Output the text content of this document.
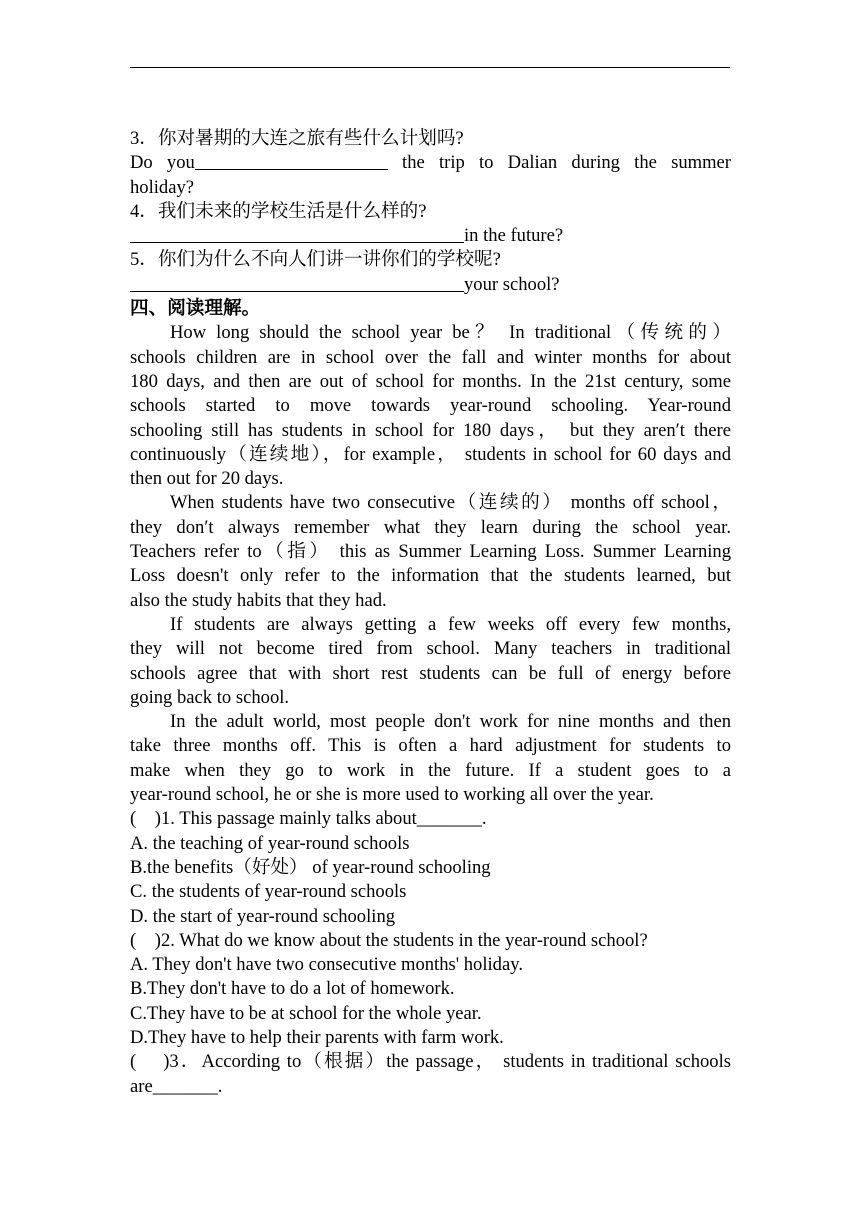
3．你对暑期的大连之旅有些什么计划吗?
Do you	the trip to Dalian during the summer
holiday?
4．我们未来的学校生活是什么样的?
in the future?
5．你们为什么不向人们讲一讲你们的学校呢?
your school?
四、阅读理解。
How long should the school year be？ In traditional（传统的）
schools children are in school over the fall and winter months for about
180 days, and then are out of school for months. In the 21st century, some
schools started to move towards year-round schooling. Year-round
schooling still has students in school for 180 days， but they aren′t there
continuously（连续地），for example， students in school for 60 days and
then out for 20 days.
When students have two consecutive（连续的） months off school，
they don′t always remember what they learn during the school year.
Teachers refer to（指） this as Summer Learning Loss. Summer Learning
Loss doesn't only refer to the information that the students learned, but
also the study habits that they had.
If students are always getting a few weeks off every few months,
they will not become tired from school. Many teachers in traditional
schools agree that with short rest students can be full of energy before
going back to school.
In the adult world, most people don't work for nine months and then
take three months off. This is often a hard adjustment for students to
make when they go to work in the future. If a student goes to a
year-round school, he or she is more used to working all over the year.
(    )1. This passage mainly talks about_______.
A. the teaching of year-round schools
B.the benefits（好处） of year-round schooling
C. the students of year-round schools
D. the start of year-round schooling
(    )2. What do we know about the students in the year-round school?
A. They don't have two consecutive months' holiday.
B.They don't have to do a lot of homework.
C.They have to be at school for the whole year.
D.They have to help their parents with farm work.
(    )3．According to（根据）the passage， students in traditional schools
are_______.
